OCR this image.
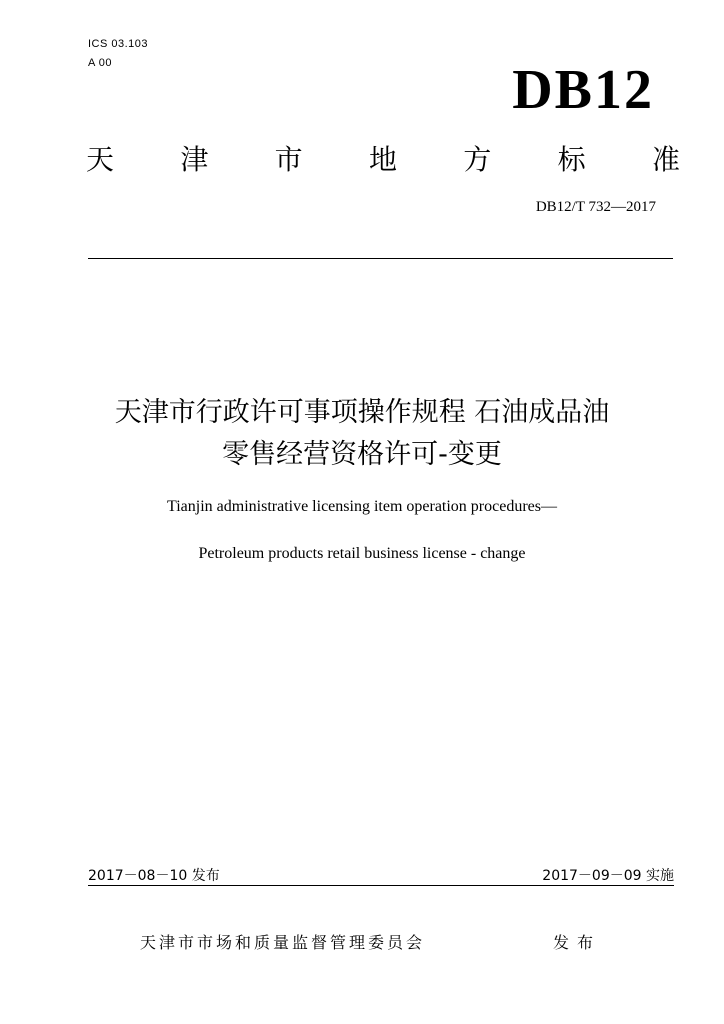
ICS 03.103
A 00	DB12
天 津 市 地 方 标 准
DB12/T 732—2017
天津市行政许可事项操作规程 石油成品油
零售经营资格许可-变更
Tianjin administrative licensing item operation procedures—
Petroleum products retail business license - change
2017－08－10 发布	2017－09－09 实施
天津市市场和质量监督管理委员会	发布
